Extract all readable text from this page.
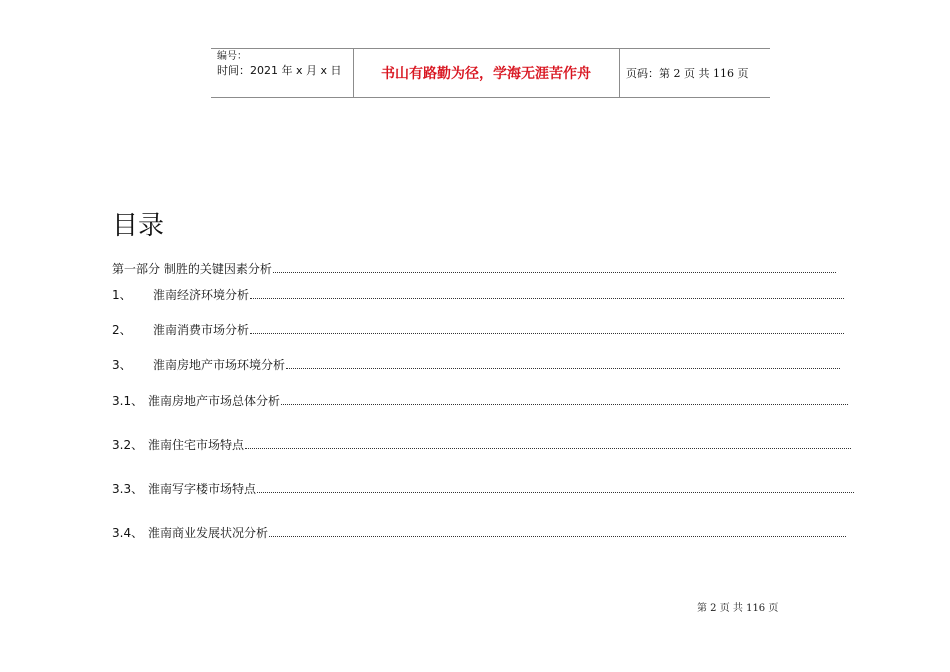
编号：
时间：2021 年 x 月 x 日	书山有路勤为径，学海无涯苦作舟	页码：第 2 页 共 116 页
目录
第一部分 制胜的关键因素分析
1、	淮南经济环境分析
2、	淮南消费市场分析
3、	淮南房地产市场环境分析
3.1、 淮南房地产市场总体分析
3.2、 淮南住宅市场特点
3.3、 淮南写字楼市场特点
3.4、 淮南商业发展状况分析
第 2 页 共 116 页
